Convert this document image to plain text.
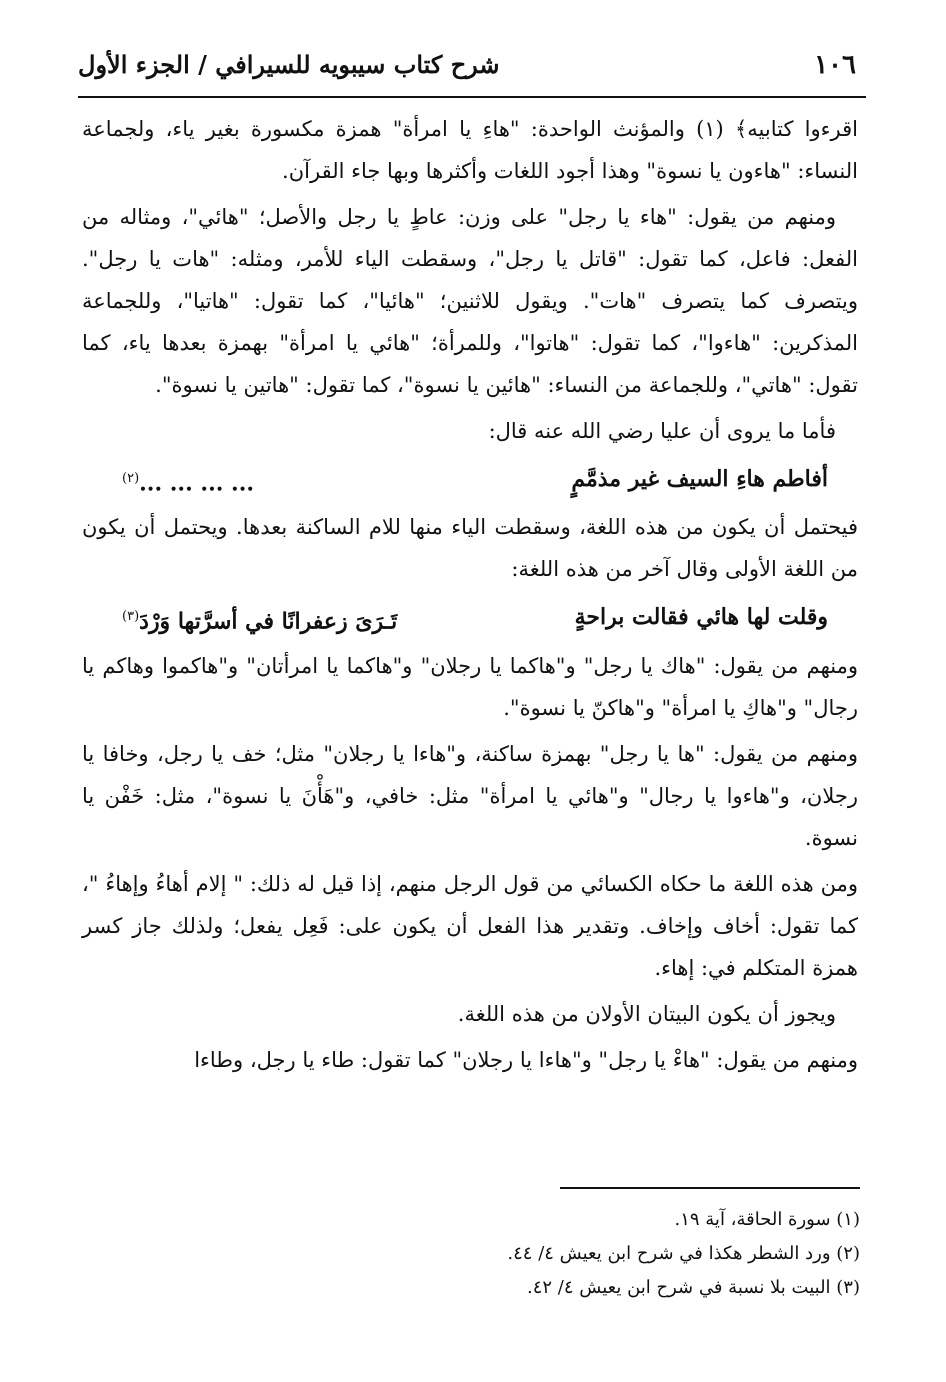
١٠٦
شرح كتاب سيبويه للسيرافي / الجزء الأول

اقرءوا كتابيه﴾ (١) والمؤنث الواحدة: "هاءِ يا امرأة" همزة مكسورة بغير ياء، ولجماعة النساء: "هاءون يا نسوة" وهذا أجود اللغات وأكثرها وبها جاء القرآن.

ومنهم من يقول: "هاء يا رجل" على وزن: عاطٍ يا رجل والأصل؛ "هائي"، ومثاله من الفعل: فاعل، كما تقول: "قاتل يا رجل"، وسقطت الياء للأمر، ومثله: "هات يا رجل". ويتصرف كما يتصرف "هات". ويقول للاثنين؛ "هائيا"، كما تقول: "هاتيا"، وللجماعة المذكرين: "هاءوا"، كما تقول: "هاتوا"، وللمرأة؛ "هائي يا امرأة" بهمزة بعدها ياء، كما تقول: "هاتي"، وللجماعة من النساء: "هائين يا نسوة"، كما تقول: "هاتين يا نسوة".

فأما ما يروى أن عليا رضي الله عنه قال:

أفاطم هاءِ السيف غير مذمَّمٍ
... ... ... ...$^{(٢)}$

فيحتمل أن يكون من هذه اللغة، وسقطت الياء منها للام الساكنة بعدها. ويحتمل أن يكون من اللغة الأولى وقال آخر من هذه اللغة:

وقلت لها هائي فقالت براحةٍ
تَـرَىَ زعفرانًا في أسرَّتها وَرْدَ$^{(٣)}$

ومنهم من يقول: "هاك يا رجل" و"هاكما يا رجلان" و"هاكما يا امرأتان" و"هاكموا وهاكم يا رجال" و"هاكِ يا امرأة" و"هاكنّ يا نسوة".

ومنهم من يقول: "ها يا رجل" بهمزة ساكنة، و"هاءا يا رجلان" مثل؛ خف يا رجل، وخافا يا رجلان، و"هاءوا يا رجال" و"هائي يا امرأة" مثل: خافي، و"هَأْنَ يا نسوة"، مثل: خَفْن يا نسوة.

ومن هذه اللغة ما حكاه الكسائي من قول الرجل منهم، إذا قيل له ذلك: " إلام أهاءُ وإهاءُ "، كما تقول: أخاف وإخاف. وتقدير هذا الفعل أن يكون على: فَعِل يفعل؛ ولذلك جاز كسر همزة المتكلم في: إهاء.

ويجوز أن يكون البيتان الأولان من هذه اللغة.

ومنهم من يقول: "هاءْ يا رجل" و"هاءا يا رجلان" كما تقول: طاء يا رجل، وطاءا

(١) سورة الحاقة، آية ١٩.
(٢) ورد الشطر هكذا في شرح ابن يعيش ٤/ ٤٤.
(٣) البيت بلا نسبة في شرح ابن يعيش ٤/ ٤٢.
